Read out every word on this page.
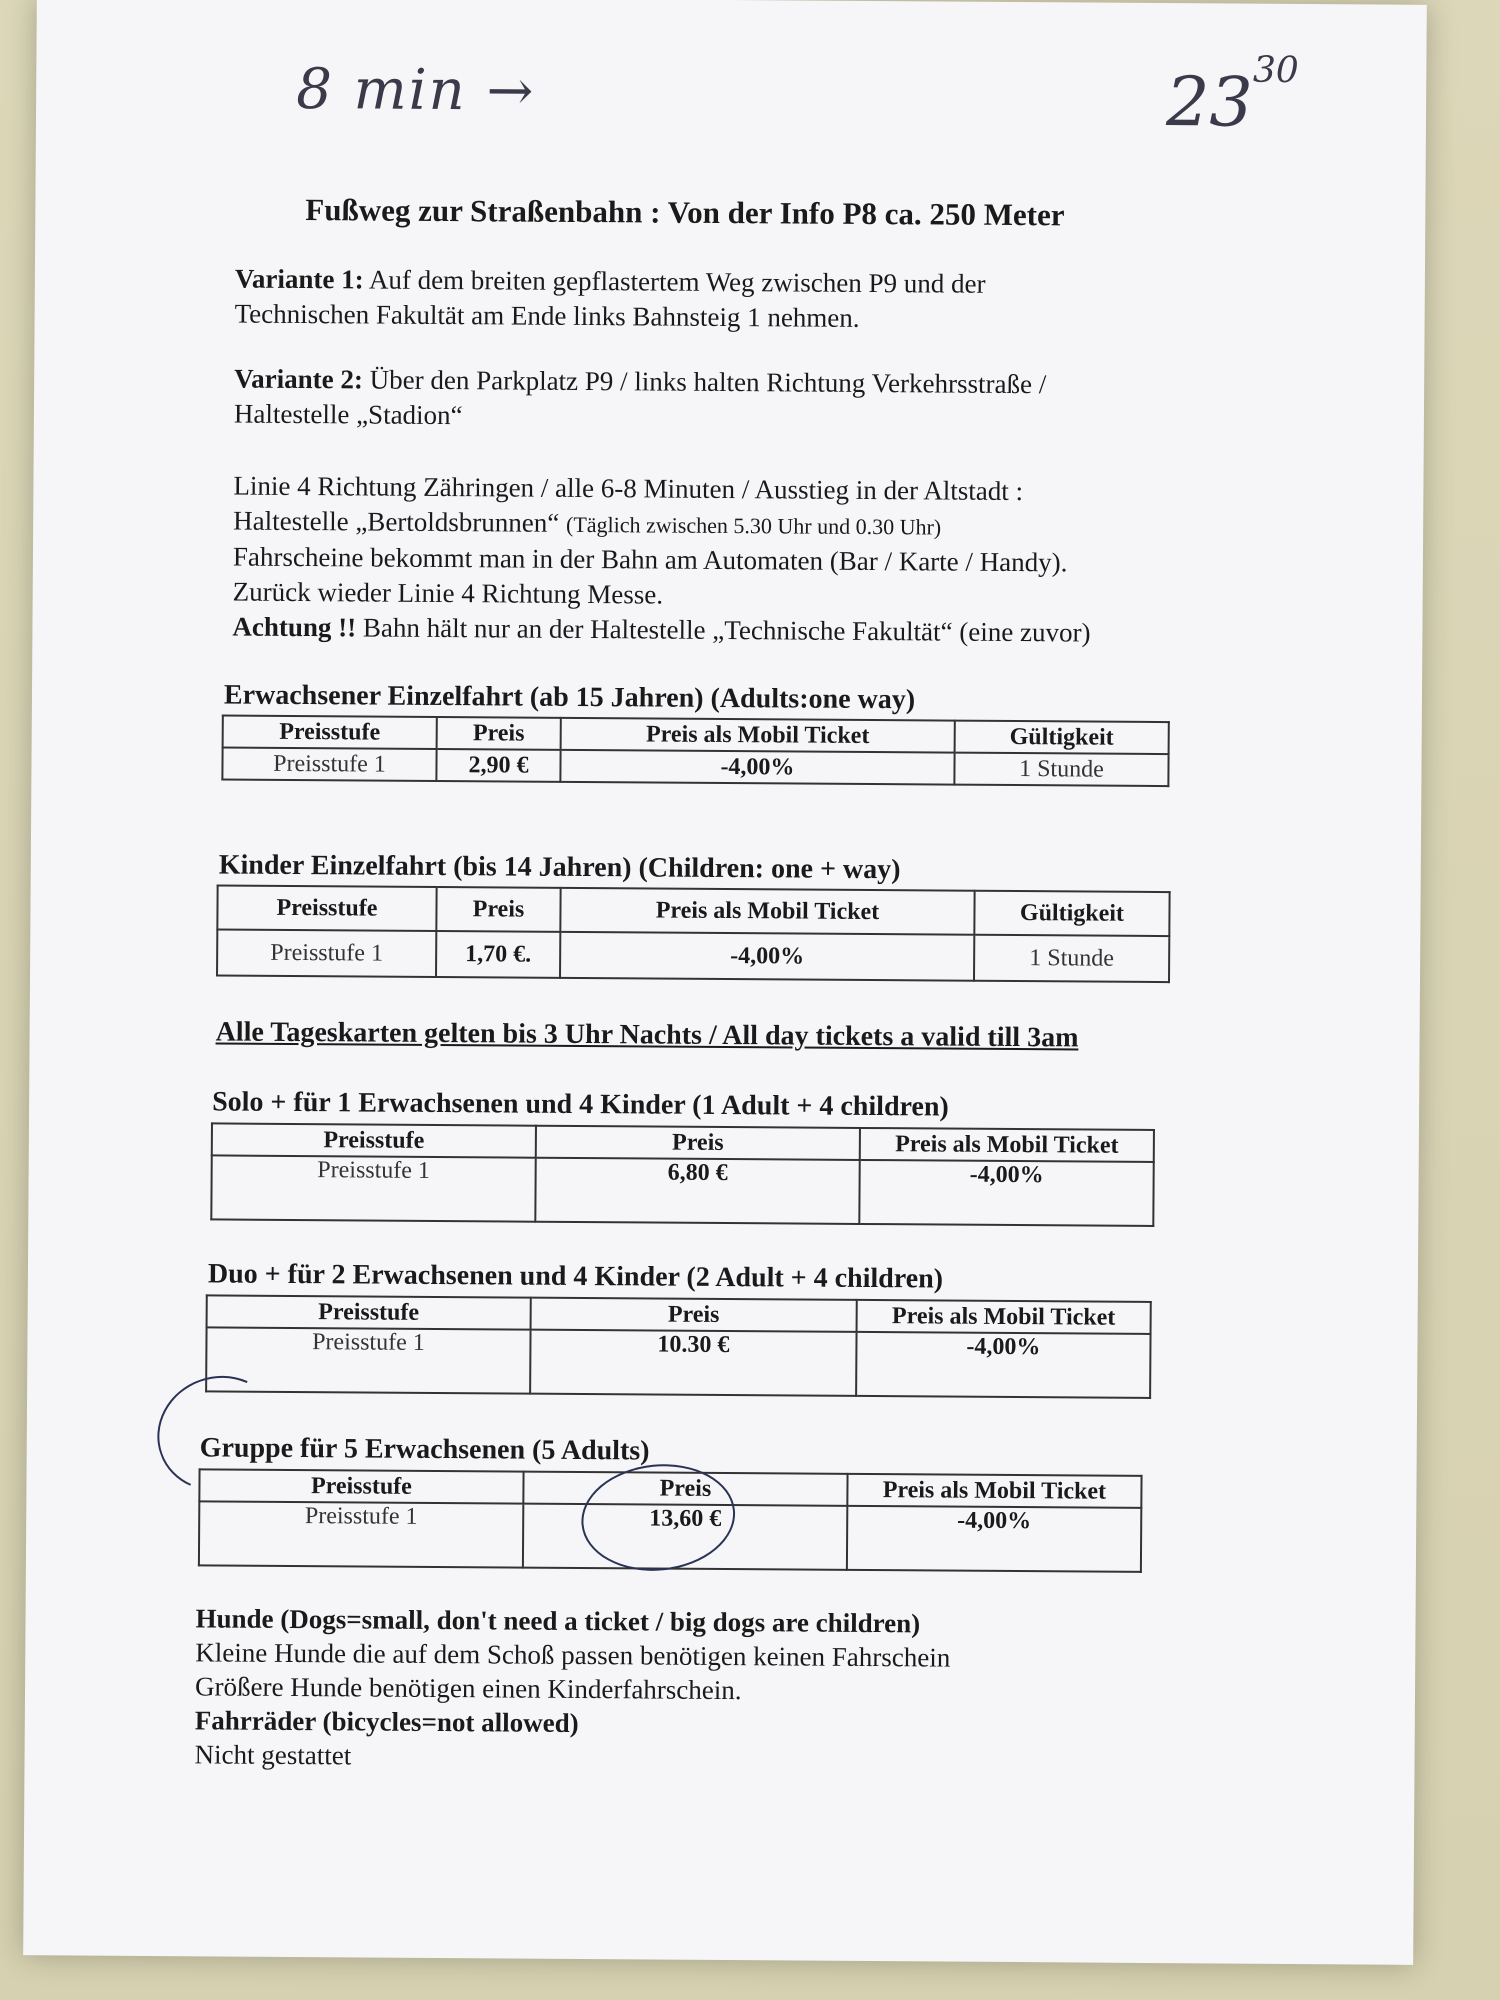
8 min →	$23^{30}$
Fußweg zur Straßenbahn : Von der Info P8 ca. 250 Meter
Variante 1: Auf dem breiten gepflastertem Weg zwischen P9 und der
Technischen Fakultät am Ende links Bahnsteig 1 nehmen.
Variante 2: Über den Parkplatz P9 / links halten Richtung Verkehrsstraße /
Haltestelle „Stadion“
Linie 4 Richtung Zähringen / alle 6-8 Minuten / Ausstieg in der Altstadt :
Haltestelle „Bertoldsbrunnen“ (Täglich zwischen 5.30 Uhr und 0.30 Uhr)
Fahrscheine bekommt man in der Bahn am Automaten (Bar / Karte / Handy).
Zurück wieder Linie 4 Richtung Messe.
Achtung !! Bahn hält nur an der Haltestelle „Technische Fakultät“ (eine zuvor)
Erwachsener Einzelfahrt (ab 15 Jahren) (Adults:one way)
Preisstufe	Preis	Preis als Mobil Ticket	Gültigkeit
Preisstufe 1	2,90 €	-4,00%	1 Stunde
Kinder Einzelfahrt (bis 14 Jahren) (Children: one + way)
Preisstufe	Preis	Preis als Mobil Ticket	Gültigkeit
Preisstufe 1	1,70 €.	-4,00%	1 Stunde
Alle Tageskarten gelten bis 3 Uhr Nachts / All day tickets a valid till 3am
Solo + für 1 Erwachsenen und 4 Kinder (1 Adult + 4 children)
Preisstufe	Preis	Preis als Mobil Ticket
Preisstufe 1	6,80 €	-4,00%
Duo + für 2 Erwachsenen und 4 Kinder (2 Adult + 4 children)
Preisstufe	Preis	Preis als Mobil Ticket
Preisstufe 1	10.30 €	-4,00%
Gruppe für 5 Erwachsenen (5 Adults)
Preisstufe	Preis	Preis als Mobil Ticket
Preisstufe 1	13,60 €	-4,00%
Hunde (Dogs=small, don't need a ticket / big dogs are children)
Kleine Hunde die auf dem Schoß passen benötigen keinen Fahrschein
Größere Hunde benötigen einen Kinderfahrschein.
Fahrräder (bicycles=not allowed)
Nicht gestattet
